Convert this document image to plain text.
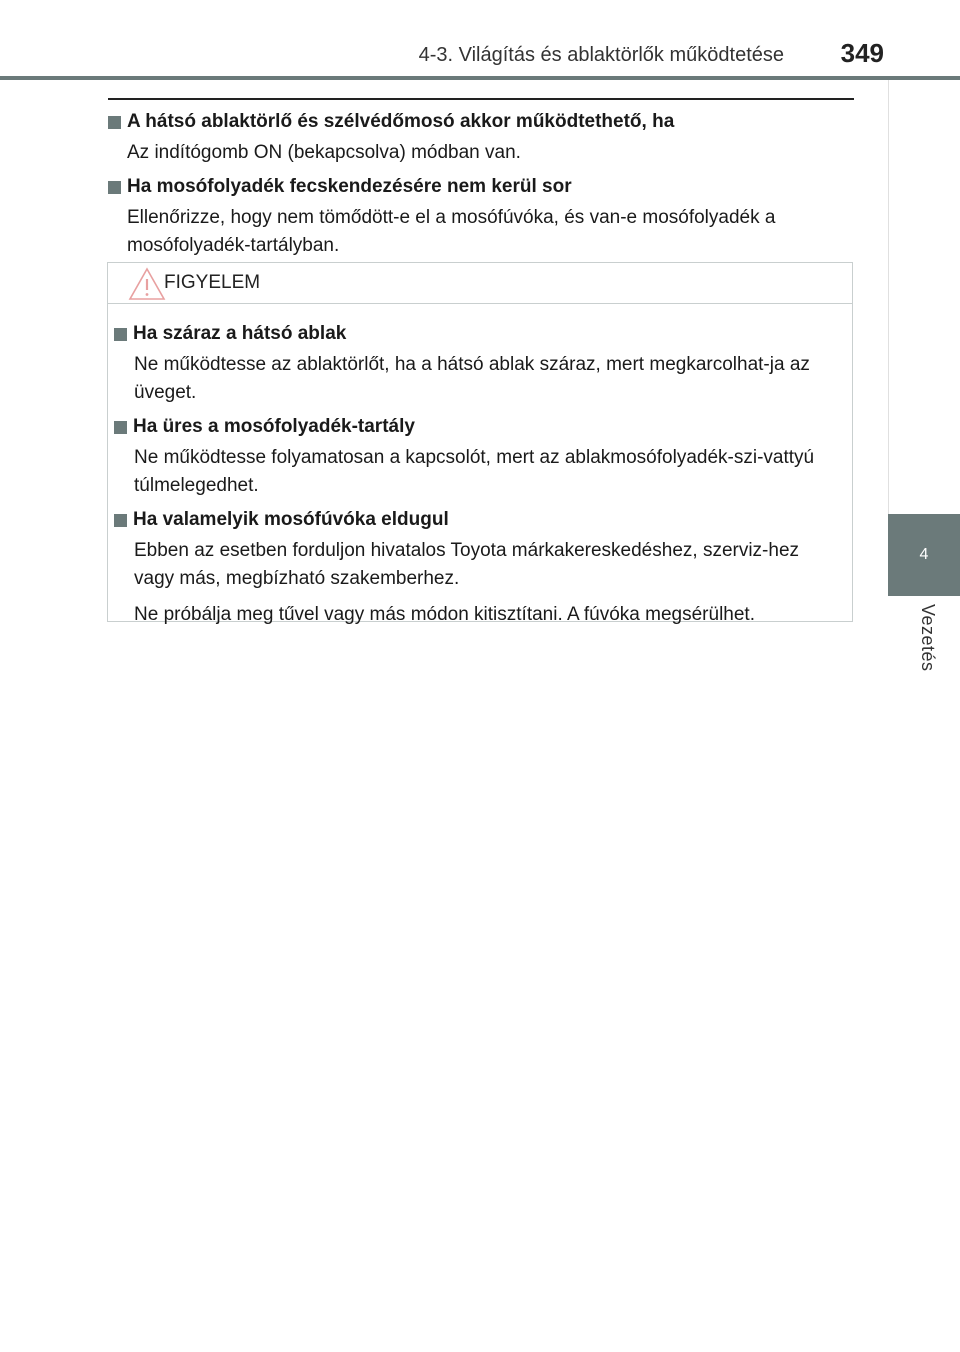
4-3. Világítás és ablaktörlők működtetése 349
4
Vezetés
A hátsó ablaktörlő és szélvédőmosó akkor működtethető, ha
Az indítógomb ON (bekapcsolva) módban van.
Ha mosófolyadék fecskendezésére nem kerül sor
Ellenőrizze, hogy nem tömődött-e el a mosófúvóka, és van-e mosófolyadék a mosófolyadék-tartályban.
FIGYELEM
Ha száraz a hátsó ablak
Ne működtesse az ablaktörlőt, ha a hátsó ablak száraz, mert megkarcolhat-ja az üveget.
Ha üres a mosófolyadék-tartály
Ne működtesse folyamatosan a kapcsolót, mert az ablakmosófolyadék-szi-vattyú túlmelegedhet.
Ha valamelyik mosófúvóka eldugul
Ebben az esetben forduljon hivatalos Toyota márkakereskedéshez, szerviz-hez vagy más, megbízható szakemberhez.
Ne próbálja meg tűvel vagy más módon kitisztítani. A fúvóka megsérülhet.
